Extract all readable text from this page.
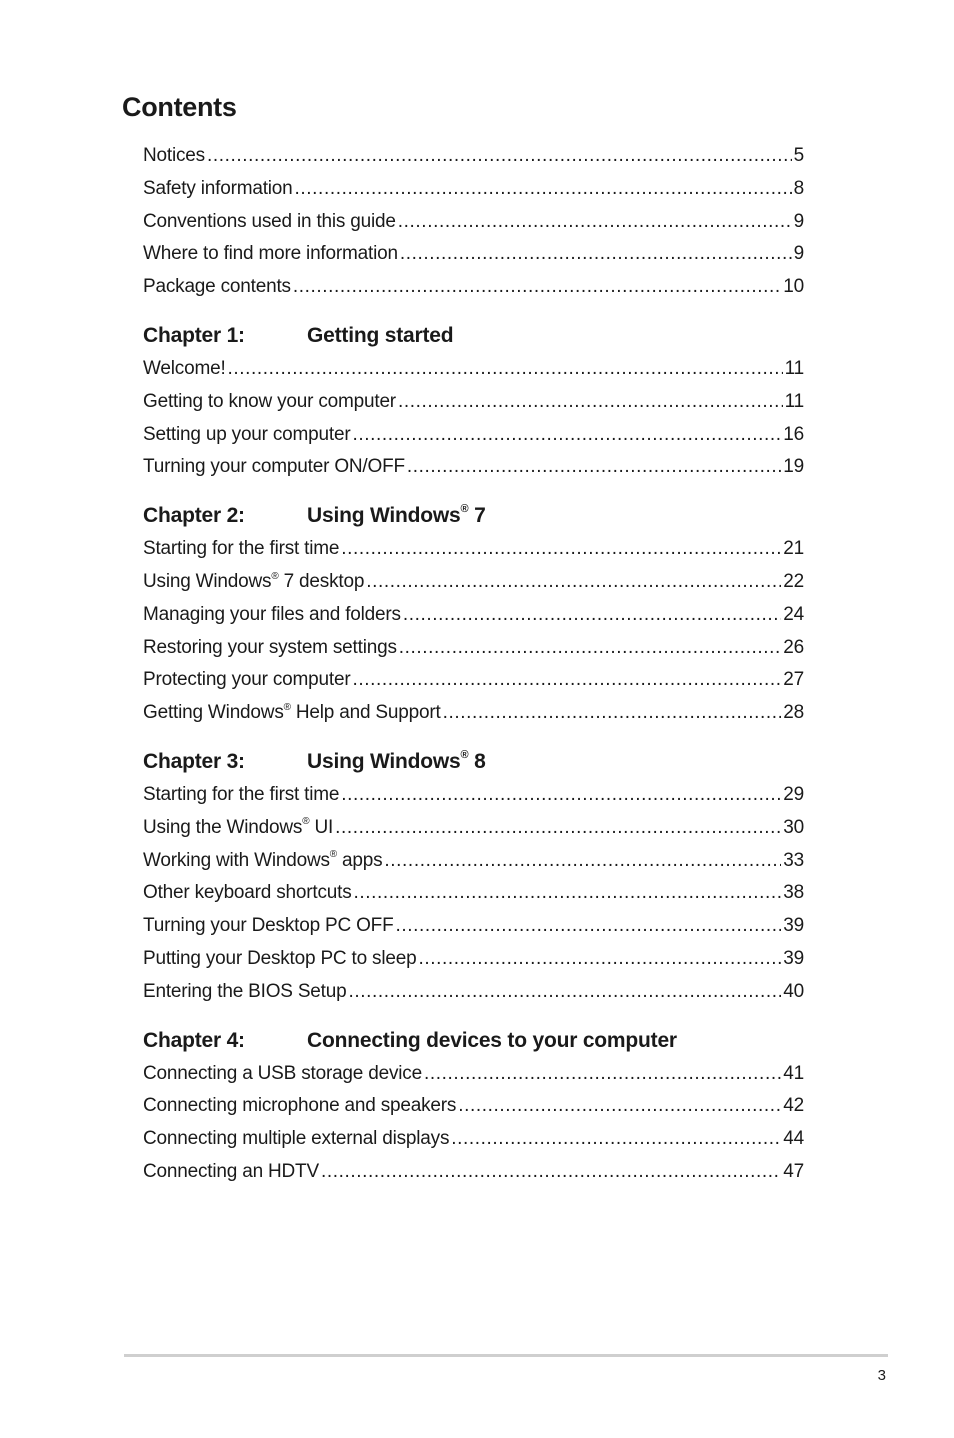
Contents
Notices .....	5
Safety information .....	8
Conventions used in this guide .....	9
Where to find more information .....	9
Package contents .....	10
Chapter 1:	Getting started
Welcome! .....	11
Getting to know your computer .....	11
Setting up your computer .....	16
Turning your computer ON/OFF .....	19
Chapter 2:	Using Windows® 7
Starting for the first time .....	21
Using Windows® 7 desktop .....	22
Managing your files and folders .....	24
Restoring your system settings .....	26
Protecting your computer .....	27
Getting Windows® Help and Support .....	28
Chapter 3:	Using Windows® 8
Starting for the first time .....	29
Using the Windows® UI .....	30
Working with Windows® apps .....	33
Other keyboard shortcuts .....	38
Turning your Desktop PC OFF .....	39
Putting your Desktop PC to sleep .....	39
Entering the BIOS Setup .....	40
Chapter 4:	Connecting devices to your computer
Connecting a USB storage device .....	41
Connecting microphone and speakers .....	42
Connecting multiple external displays .....	44
Connecting an HDTV .....	47
3
